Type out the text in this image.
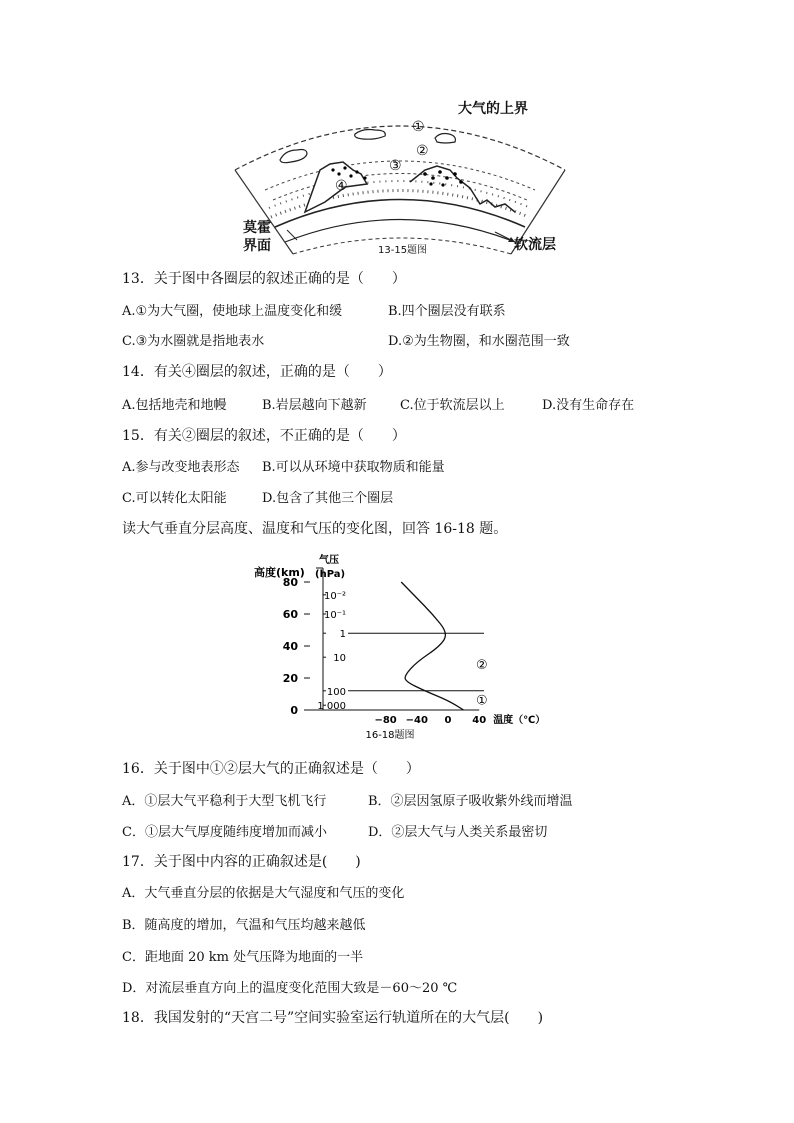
大气的上界
①
②
③
④
莫霍
界面	软流层
13-15题图
13．关于图中各圈层的叙述正确的是（　　）
A.①为大气圈，使地球上温度变化和缓	B.四个圈层没有联系
C.③为水圈就是指地表水	D.②为生物圈，和水圈范围一致
14．有关④圈层的叙述，正确的是（　　）
A.包括地壳和地幔	B.岩层越向下越新	C.位于软流层以上	D.没有生命存在
15．有关②圈层的叙述，不正确的是（　　）
A.参与改变地表形态 B.可以从环境中获取物质和能量
C.可以转化太阳能	D.包含了其他三个圈层
读大气垂直分层高度、温度和气压的变化图，回答 16-18 题。
高度(km)
气压
(hPa)
80
60
40
20
0
10⁻²
10⁻¹
1
10
100
1 000
−80 −40 0 40 温度（℃）
②
①
16-18题图
16．关于图中①②层大气的正确叙述是（　　）
A．①层大气平稳利于大型飞机飞行	B．②层因氢原子吸收紫外线而增温
C．①层大气厚度随纬度增加而减小	D．②层大气与人类关系最密切
17．关于图中内容的正确叙述是(　　)
A．大气垂直分层的依据是大气湿度和气压的变化
B．随高度的增加，气温和气压均越来越低
C．距地面 20 km 处气压降为地面的一半
D．对流层垂直方向上的温度变化范围大致是－60～20 ℃
18．我国发射的“天宫二号”空间实验室运行轨道所在的大气层(　　)
